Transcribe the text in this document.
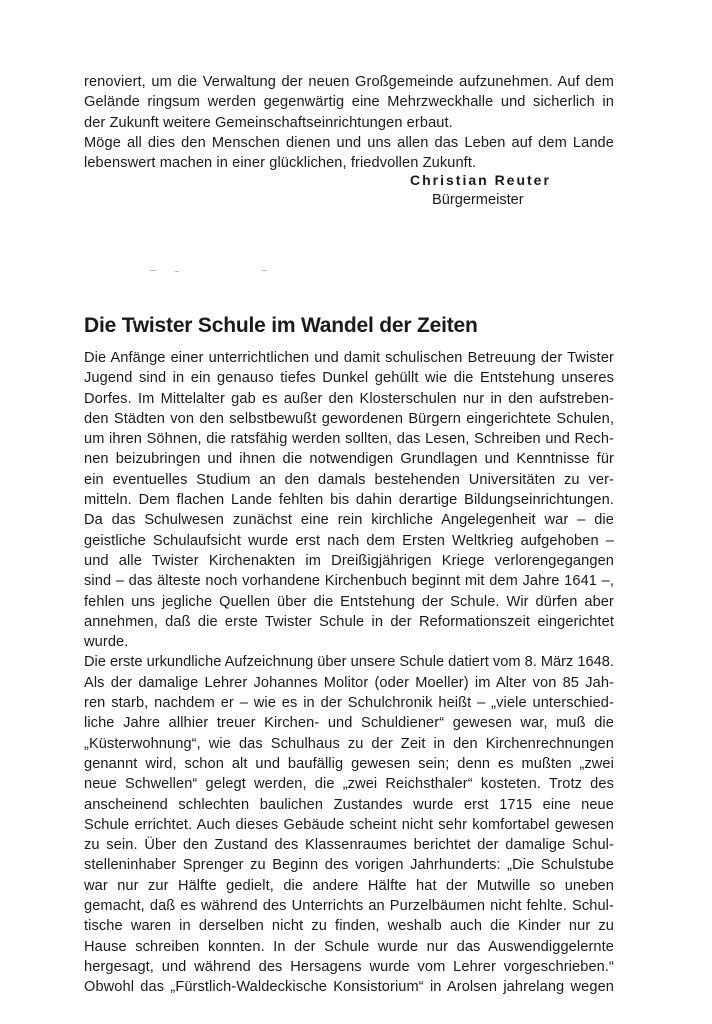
renoviert, um die Verwaltung der neuen Großgemeinde aufzunehmen. Auf dem
Gelände ringsum werden gegenwärtig eine Mehrzweckhalle und sicherlich in
der Zukunft weitere Gemeinschaftseinrichtungen erbaut.
Möge all dies den Menschen dienen und uns allen das Leben auf dem Lande
lebenswert machen in einer glücklichen, friedvollen Zukunft.
Christian Reuter
Bürgermeister
Die Twister Schule im Wandel der Zeiten
Die Anfänge einer unterrichtlichen und damit schulischen Betreuung der Twister
Jugend sind in ein genauso tiefes Dunkel gehüllt wie die Entstehung unseres
Dorfes. Im Mittelalter gab es außer den Klosterschulen nur in den aufstreben-
den Städten von den selbstbewußt gewordenen Bürgern eingerichtete Schulen,
um ihren Söhnen, die ratsfähig werden sollten, das Lesen, Schreiben und Rech-
nen beizubringen und ihnen die notwendigen Grundlagen und Kenntnisse für
ein eventuelles Studium an den damals bestehenden Universitäten zu ver-
mitteln. Dem flachen Lande fehlten bis dahin derartige Bildungseinrichtungen.
Da das Schulwesen zunächst eine rein kirchliche Angelegenheit war – die
geistliche Schulaufsicht wurde erst nach dem Ersten Weltkrieg aufgehoben –
und alle Twister Kirchenakten im Dreißigjährigen Kriege verlorengegangen
sind – das älteste noch vorhandene Kirchenbuch beginnt mit dem Jahre 1641 –,
fehlen uns jegliche Quellen über die Entstehung der Schule. Wir dürfen aber
annehmen, daß die erste Twister Schule in der Reformationszeit eingerichtet
wurde.
Die erste urkundliche Aufzeichnung über unsere Schule datiert vom 8. März 1648.
Als der damalige Lehrer Johannes Molitor (oder Moeller) im Alter von 85 Jah-
ren starb, nachdem er – wie es in der Schulchronik heißt – „viele unterschied-
liche Jahre allhier treuer Kirchen- und Schuldiener“ gewesen war, muß die
„Küsterwohnung“, wie das Schulhaus zu der Zeit in den Kirchenrechnungen
genannt wird, schon alt und baufällig gewesen sein; denn es mußten „zwei
neue Schwellen“ gelegt werden, die „zwei Reichsthaler“ kosteten. Trotz des
anscheinend schlechten baulichen Zustandes wurde erst 1715 eine neue
Schule errichtet. Auch dieses Gebäude scheint nicht sehr komfortabel gewesen
zu sein. Über den Zustand des Klassenraumes berichtet der damalige Schul-
stelleninhaber Sprenger zu Beginn des vorigen Jahrhunderts: „Die Schulstube
war nur zur Hälfte gedielt, die andere Hälfte hat der Mutwille so uneben
gemacht, daß es während des Unterrichts an Purzelbäumen nicht fehlte. Schul-
tische waren in derselben nicht zu finden, weshalb auch die Kinder nur zu
Hause schreiben konnten. In der Schule wurde nur das Auswendiggelernte
hergesagt, und während des Hersagens wurde vom Lehrer vorgeschrieben.“
Obwohl das „Fürstlich-Waldeckische Konsistorium“ in Arolsen jahrelang wegen
